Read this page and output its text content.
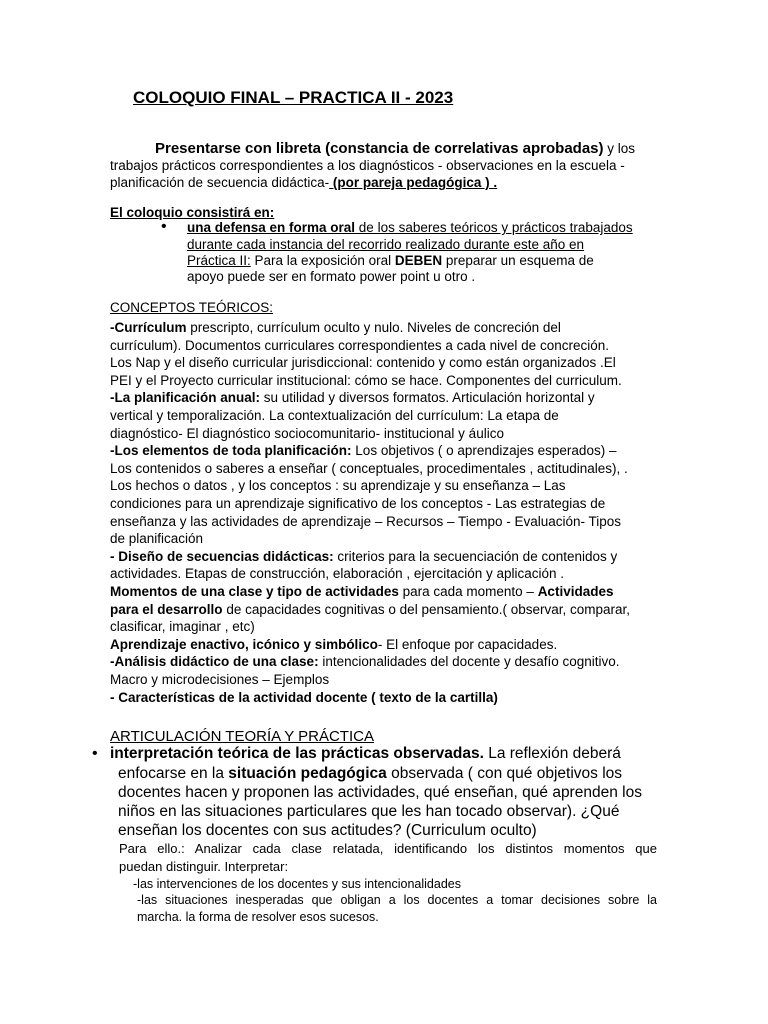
COLOQUIO FINAL – PRACTICA II - 2023
Presentarse con libreta (constancia de correlativas aprobadas) y los
trabajos prácticos correspondientes a los diagnósticos - observaciones en la escuela -
planificación de secuencia didáctica- (por pareja pedagógica ) .
El coloquio consistirá en:
• una defensa en forma oral de los saberes teóricos y prácticos trabajados
durante cada instancia del recorrido realizado durante este año en
Práctica II: Para la exposición oral DEBEN preparar un esquema de
apoyo puede ser en formato power point u otro .
CONCEPTOS TEÓRICOS:
-Currículum prescripto, currículum oculto y nulo. Niveles de concreción del
currículum). Documentos curriculares correspondientes a cada nivel de concreción.
Los Nap y el diseño curricular jurisdiccional: contenido y como están organizados .El
PEI y el Proyecto curricular institucional: cómo se hace. Componentes del curriculum.
-La planificación anual: su utilidad y diversos formatos. Articulación horizontal y
vertical y temporalización. La contextualización del currículum: La etapa de
diagnóstico- El diagnóstico sociocomunitario- institucional y áulico
-Los elementos de toda planificación: Los objetivos ( o aprendizajes esperados) –
Los contenidos o saberes a enseñar ( conceptuales, procedimentales , actitudinales), .
Los hechos o datos , y los conceptos : su aprendizaje y su enseñanza – Las
condiciones para un aprendizaje significativo de los conceptos - Las estrategias de
enseñanza y las actividades de aprendizaje – Recursos – Tiempo - Evaluación- Tipos
de planificación
- Diseño de secuencias didácticas: criterios para la secuenciación de contenidos y
actividades. Etapas de construcción, elaboración , ejercitación y aplicación .
Momentos de una clase y tipo de actividades para cada momento – Actividades
para el desarrollo de capacidades cognitivas o del pensamiento.( observar, comparar,
clasificar, imaginar , etc)
Aprendizaje enactivo, icónico y simbólico- El enfoque por capacidades.
-Análisis didáctico de una clase: intencionalidades del docente y desafío cognitivo.
Macro y microdecisiones – Ejemplos
- Características de la actividad docente ( texto de la cartilla)
ARTICULACIÓN TEORÍA Y PRÁCTICA
• interpretación teórica de las prácticas observadas. La reflexión deberá
enfocarse en la situación pedagógica observada ( con qué objetivos los
docentes hacen y proponen las actividades, qué enseñan, qué aprenden los
niños en las situaciones particulares que les han tocado observar). ¿Qué
enseñan los docentes con sus actitudes? (Curriculum oculto)
Para ello.: Analizar cada clase relatada, identificando los distintos momentos que
puedan distinguir. Interpretar:
-las intervenciones de los docentes y sus intencionalidades
-las situaciones inesperadas que obligan a los docentes a tomar decisiones sobre la
marcha. la forma de resolver esos sucesos.
